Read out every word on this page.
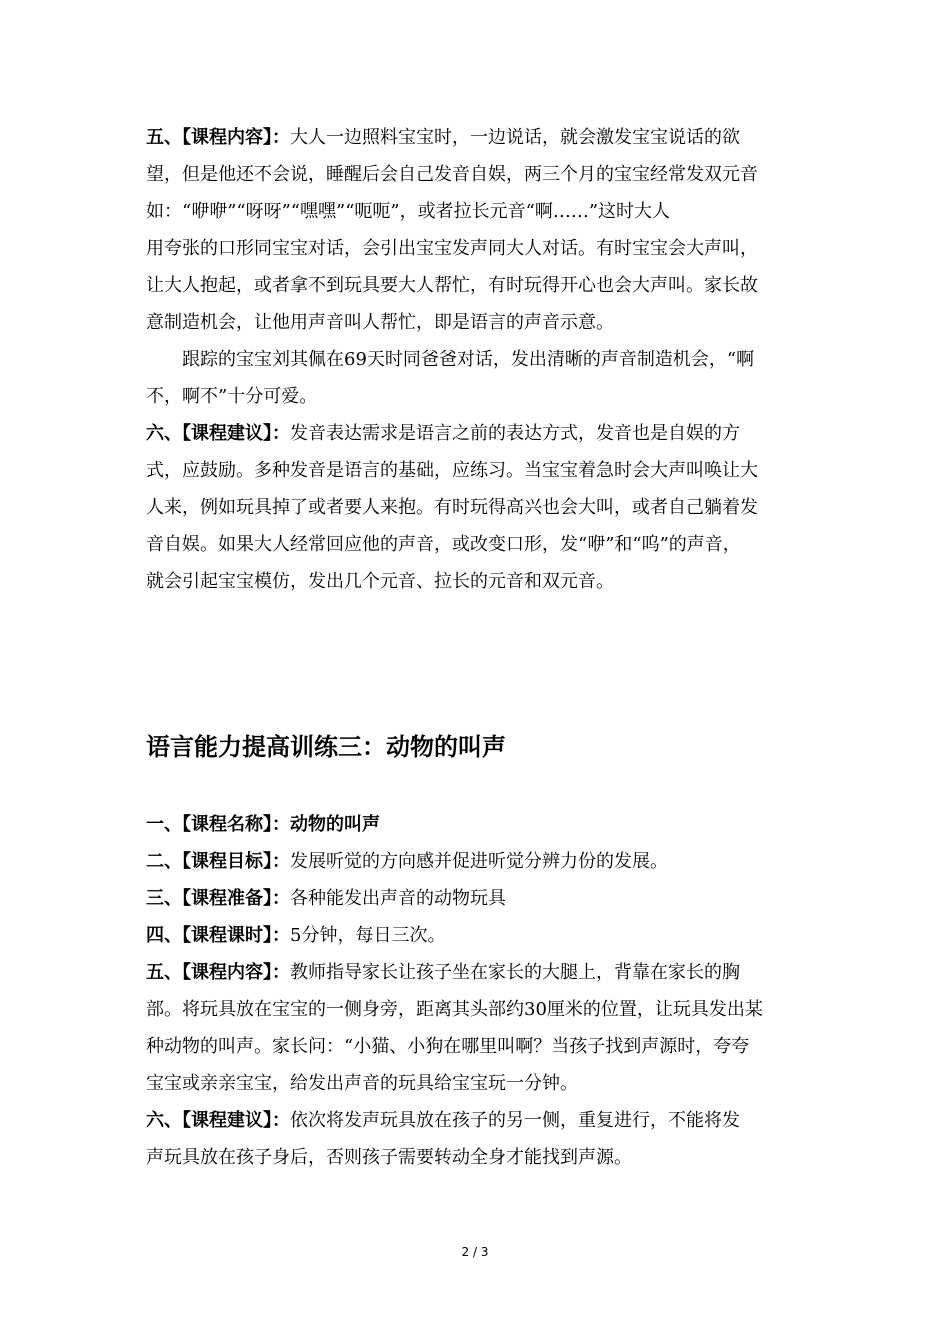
五、【课程内容】：大人一边照料宝宝时，一边说话，就会激发宝宝说话的欲
望，但是他还不会说，睡醒后会自己发音自娱，两三个月的宝宝经常发双元音
如：“咿咿”“呀呀”“嘿嘿”“呃呃”，或者拉长元音“啊……”这时大人
用夸张的口形同宝宝对话，会引出宝宝发声同大人对话。有时宝宝会大声叫，
让大人抱起，或者拿不到玩具要大人帮忙，有时玩得开心也会大声叫。家长故
意制造机会，让他用声音叫人帮忙，即是语言的声音示意。
跟踪的宝宝刘其佩在69天时同爸爸对话，发出清晰的声音制造机会，“啊
不，啊不”十分可爱。
六、【课程建议】：发音表达需求是语言之前的表达方式，发音也是自娱的方
式，应鼓励。多种发音是语言的基础，应练习。当宝宝着急时会大声叫唤让大
人来，例如玩具掉了或者要人来抱。有时玩得高兴也会大叫，或者自己躺着发
音自娱。如果大人经常回应他的声音，或改变口形，发“咿”和“呜”的声音，
就会引起宝宝模仿，发出几个元音、拉长的元音和双元音。
语言能力提高训练三：动物的叫声
一、【课程名称】：动物的叫声
二、【课程目标】：发展听觉的方向感并促进听觉分辨力份的发展。
三、【课程准备】：各种能发出声音的动物玩具
四、【课程课时】：5分钟，每日三次。
五、【课程内容】：教师指导家长让孩子坐在家长的大腿上，背靠在家长的胸
部。将玩具放在宝宝的一侧身旁，距离其头部约30厘米的位置，让玩具发出某
种动物的叫声。家长问：“小猫、小狗在哪里叫啊？当孩子找到声源时，夸夸
宝宝或亲亲宝宝，给发出声音的玩具给宝宝玩一分钟。
六、【课程建议】：依次将发声玩具放在孩子的另一侧，重复进行，不能将发
声玩具放在孩子身后，否则孩子需要转动全身才能找到声源。
2 / 3
